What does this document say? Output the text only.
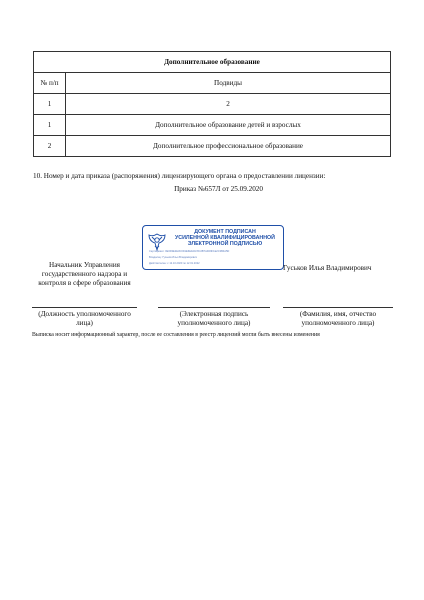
Дополнительное образование	
№ п/п	Подвиды
1	2
1	Дополнительное образование детей и взрослых
2	Дополнительное профессиональное образование
10. Номер и дата приказа (распоряжения) лицензирующего органа о предоставлении лицензии:
Приказ №657Л от 25.09.2020
ДОКУМЕНТ ПОДПИСАН
УСИЛЕННОЙ КВАЛИФИЦИРОВАННОЙ
ЭЛЕКТРОННОЙ ПОДПИСЬЮ
Сертификат: 0E3D3E2E3C0D1E6E0A1F8C2B7A4D9F1E2C3B4A5D
Владелец: Гуськов Илья Владимирович
Действителен: с 12.10.2020 по 12.01.2022
Начальник Управления государственного надзора и контроля в сфере образования
Гуськов Илья Владимирович
(Должность уполномоченного лица)
(Электронная подпись уполномоченного лица)
(Фамилия, имя, отчество уполномоченного лица)
Выписка носит информационный характер, после ее составления в реестр лицензий могли быть внесены изменения
